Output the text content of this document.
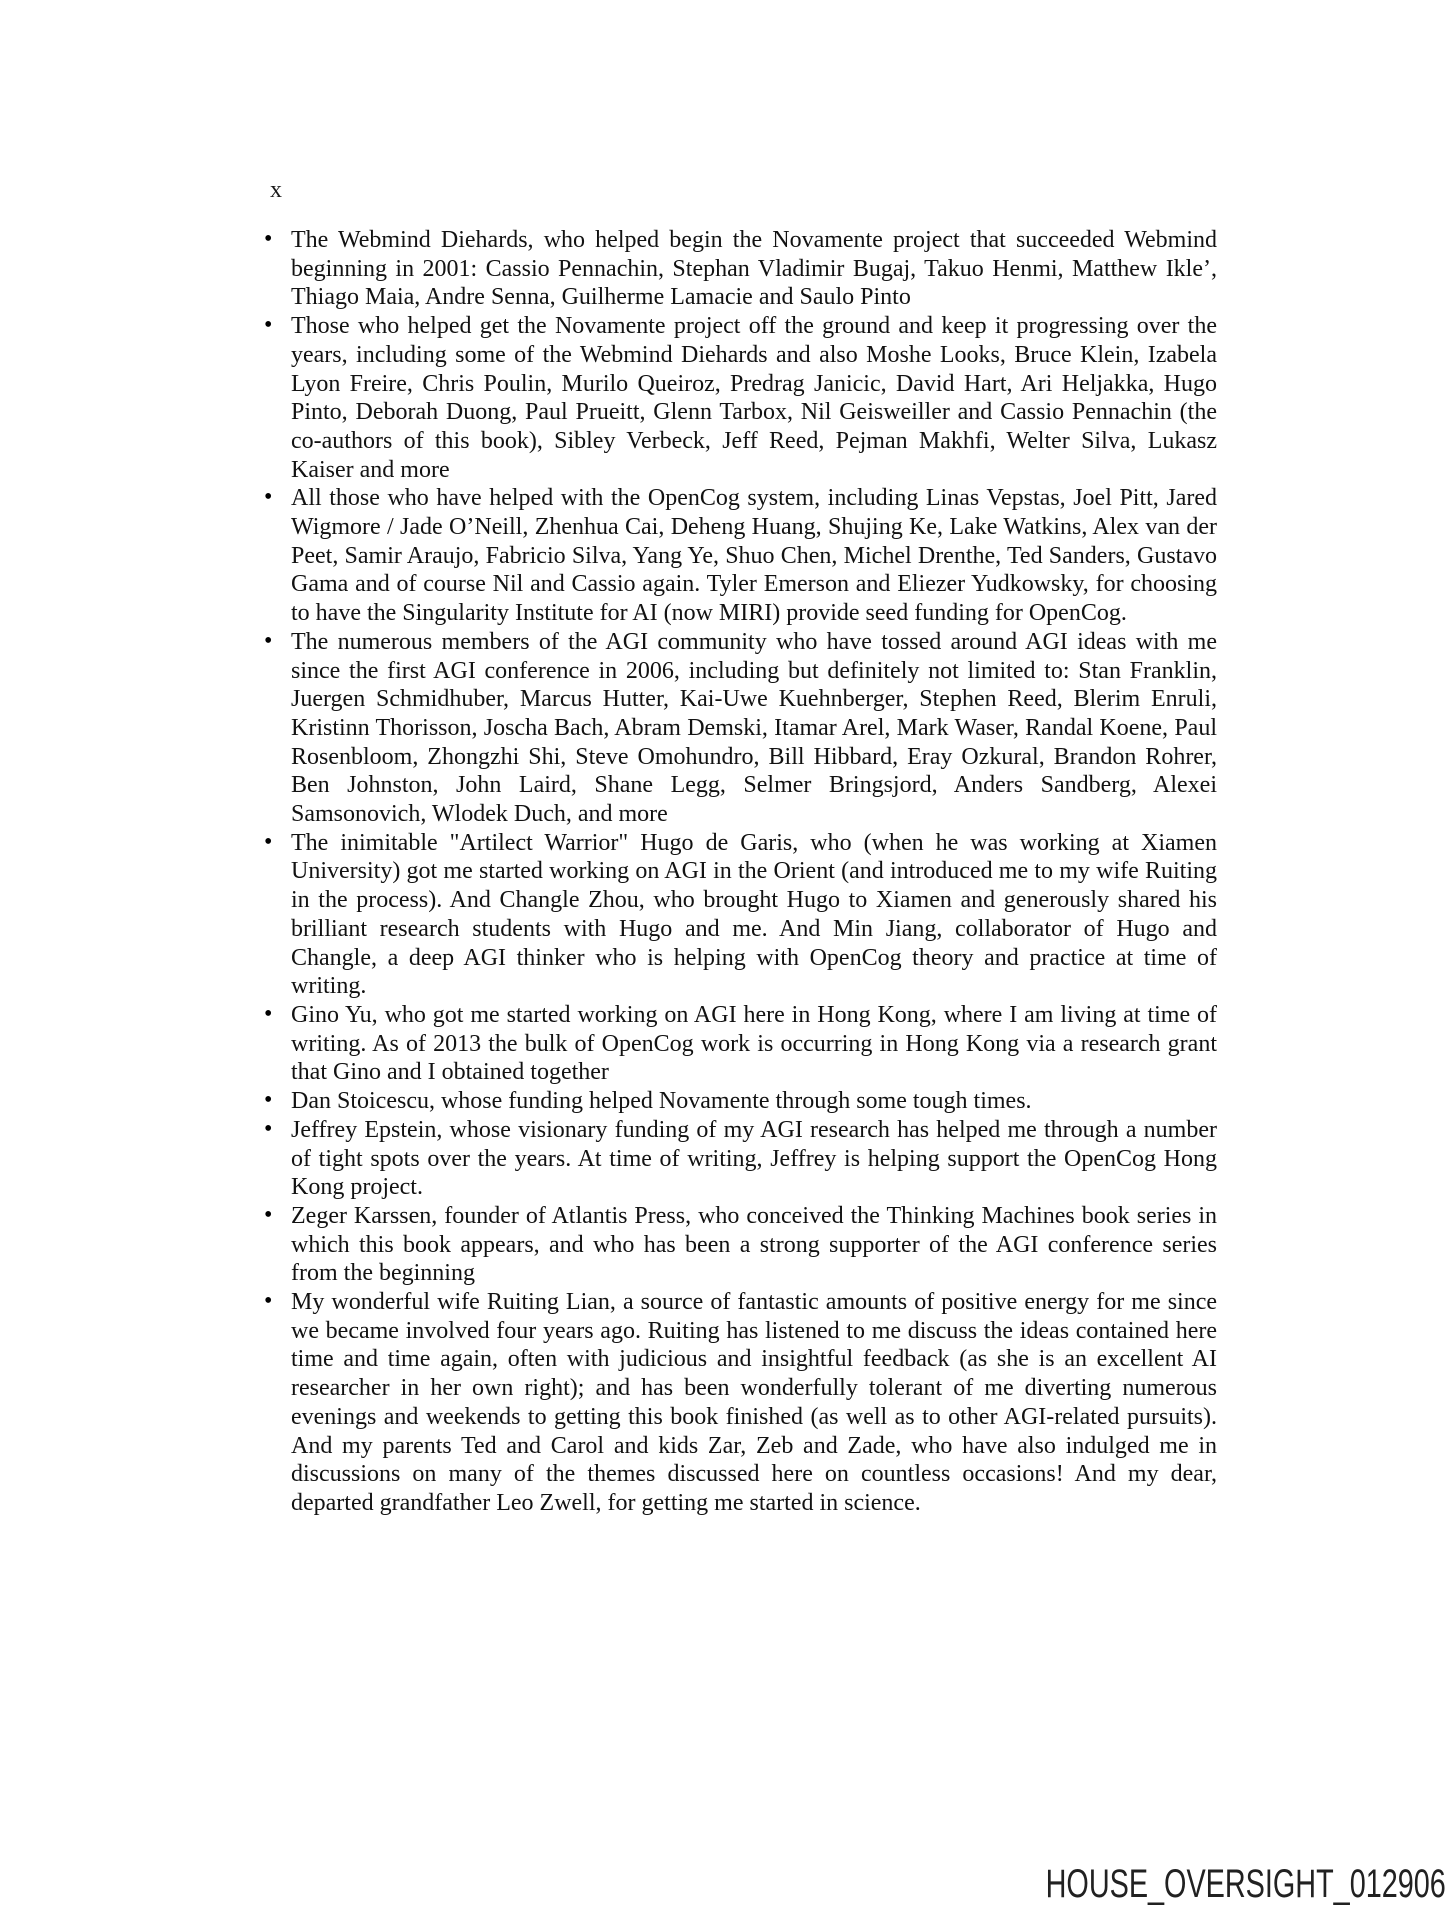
x
• The Webmind Diehards, who helped begin the Novamente project that succeeded Webmind beginning in 2001: Cassio Pennachin, Stephan Vladimir Bugaj, Takuo Henmi, Matthew Ikle’, Thiago Maia, Andre Senna, Guilherme Lamacie and Saulo Pinto
• Those who helped get the Novamente project off the ground and keep it progressing over the years, including some of the Webmind Diehards and also Moshe Looks, Bruce Klein, Izabela Lyon Freire, Chris Poulin, Murilo Queiroz, Predrag Janicic, David Hart, Ari Heljakka, Hugo Pinto, Deborah Duong, Paul Prueitt, Glenn Tarbox, Nil Geisweiller and Cassio Pennachin (the co-authors of this book), Sibley Verbeck, Jeff Reed, Pejman Makhfi, Welter Silva, Lukasz Kaiser and more
• All those who have helped with the OpenCog system, including Linas Vepstas, Joel Pitt, Jared Wigmore / Jade O’Neill, Zhenhua Cai, Deheng Huang, Shujing Ke, Lake Watkins, Alex van der Peet, Samir Araujo, Fabricio Silva, Yang Ye, Shuo Chen, Michel Drenthe, Ted Sanders, Gustavo Gama and of course Nil and Cassio again. Tyler Emerson and Eliezer Yudkowsky, for choosing to have the Singularity Institute for AI (now MIRI) provide seed funding for OpenCog.
• The numerous members of the AGI community who have tossed around AGI ideas with me since the first AGI conference in 2006, including but definitely not limited to: Stan Franklin, Juergen Schmidhuber, Marcus Hutter, Kai-Uwe Kuehnberger, Stephen Reed, Blerim Enruli, Kristinn Thorisson, Joscha Bach, Abram Demski, Itamar Arel, Mark Waser, Randal Koene, Paul Rosenbloom, Zhongzhi Shi, Steve Omohundro, Bill Hibbard, Eray Ozkural, Brandon Rohrer, Ben Johnston, John Laird, Shane Legg, Selmer Bringsjord, Anders Sandberg, Alexei Samsonovich, Wlodek Duch, and more
• The inimitable "Artilect Warrior" Hugo de Garis, who (when he was working at Xiamen University) got me started working on AGI in the Orient (and introduced me to my wife Ruiting in the process). And Changle Zhou, who brought Hugo to Xiamen and generously shared his brilliant research students with Hugo and me. And Min Jiang, collaborator of Hugo and Changle, a deep AGI thinker who is helping with OpenCog theory and practice at time of writing.
• Gino Yu, who got me started working on AGI here in Hong Kong, where I am living at time of writing. As of 2013 the bulk of OpenCog work is occurring in Hong Kong via a research grant that Gino and I obtained together
• Dan Stoicescu, whose funding helped Novamente through some tough times.
• Jeffrey Epstein, whose visionary funding of my AGI research has helped me through a number of tight spots over the years. At time of writing, Jeffrey is helping support the OpenCog Hong Kong project.
• Zeger Karssen, founder of Atlantis Press, who conceived the Thinking Machines book series in which this book appears, and who has been a strong supporter of the AGI conference series from the beginning
• My wonderful wife Ruiting Lian, a source of fantastic amounts of positive energy for me since we became involved four years ago. Ruiting has listened to me discuss the ideas contained here time and time again, often with judicious and insightful feedback (as she is an excellent AI researcher in her own right); and has been wonderfully tolerant of me diverting numerous evenings and weekends to getting this book finished (as well as to other AGI-related pursuits). And my parents Ted and Carol and kids Zar, Zeb and Zade, who have also indulged me in discussions on many of the themes discussed here on countless occasions! And my dear, departed grandfather Leo Zwell, for getting me started in science.
HOUSE_OVERSIGHT_012906
